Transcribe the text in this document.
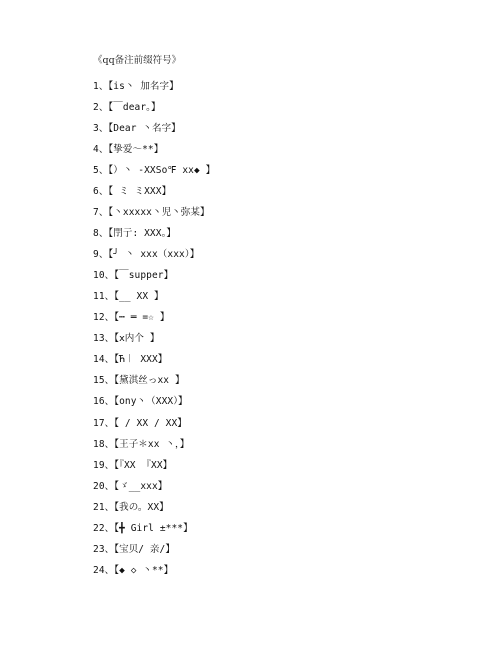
《qq备注前缀符号》
1、【is丶 加名字】
2、【￣dear。】
3、【Dear 丶名字】
4、【挚爱～**】
5、【）丶 -XXSo℉ xx◆ 】
6、【 ミ ミXXX】
7、【丶xxxxx丶児丶弥某】
8、【閅亍: XXX。】
9、【╯ 丶 xxx（xxx）】
10、【￣supper】
11、【__ XX 】
12、【┅ ═ =☆ 】
13、【ⅹ内个 】
14、【Ћ︱ XXX】
15、【黛淇丝っxx 】
16、【ony丶（XXX）】
17、【 / XX / XX】
18、【王子＊xx 丶，】
19、【『XX 『XX】
20、【ゞ__xxx】
21、【我の。XX】
22、【╋ Girl ±***】
23、【宝贝/ 亲/】
24、【◆ ◇ 丶**】
